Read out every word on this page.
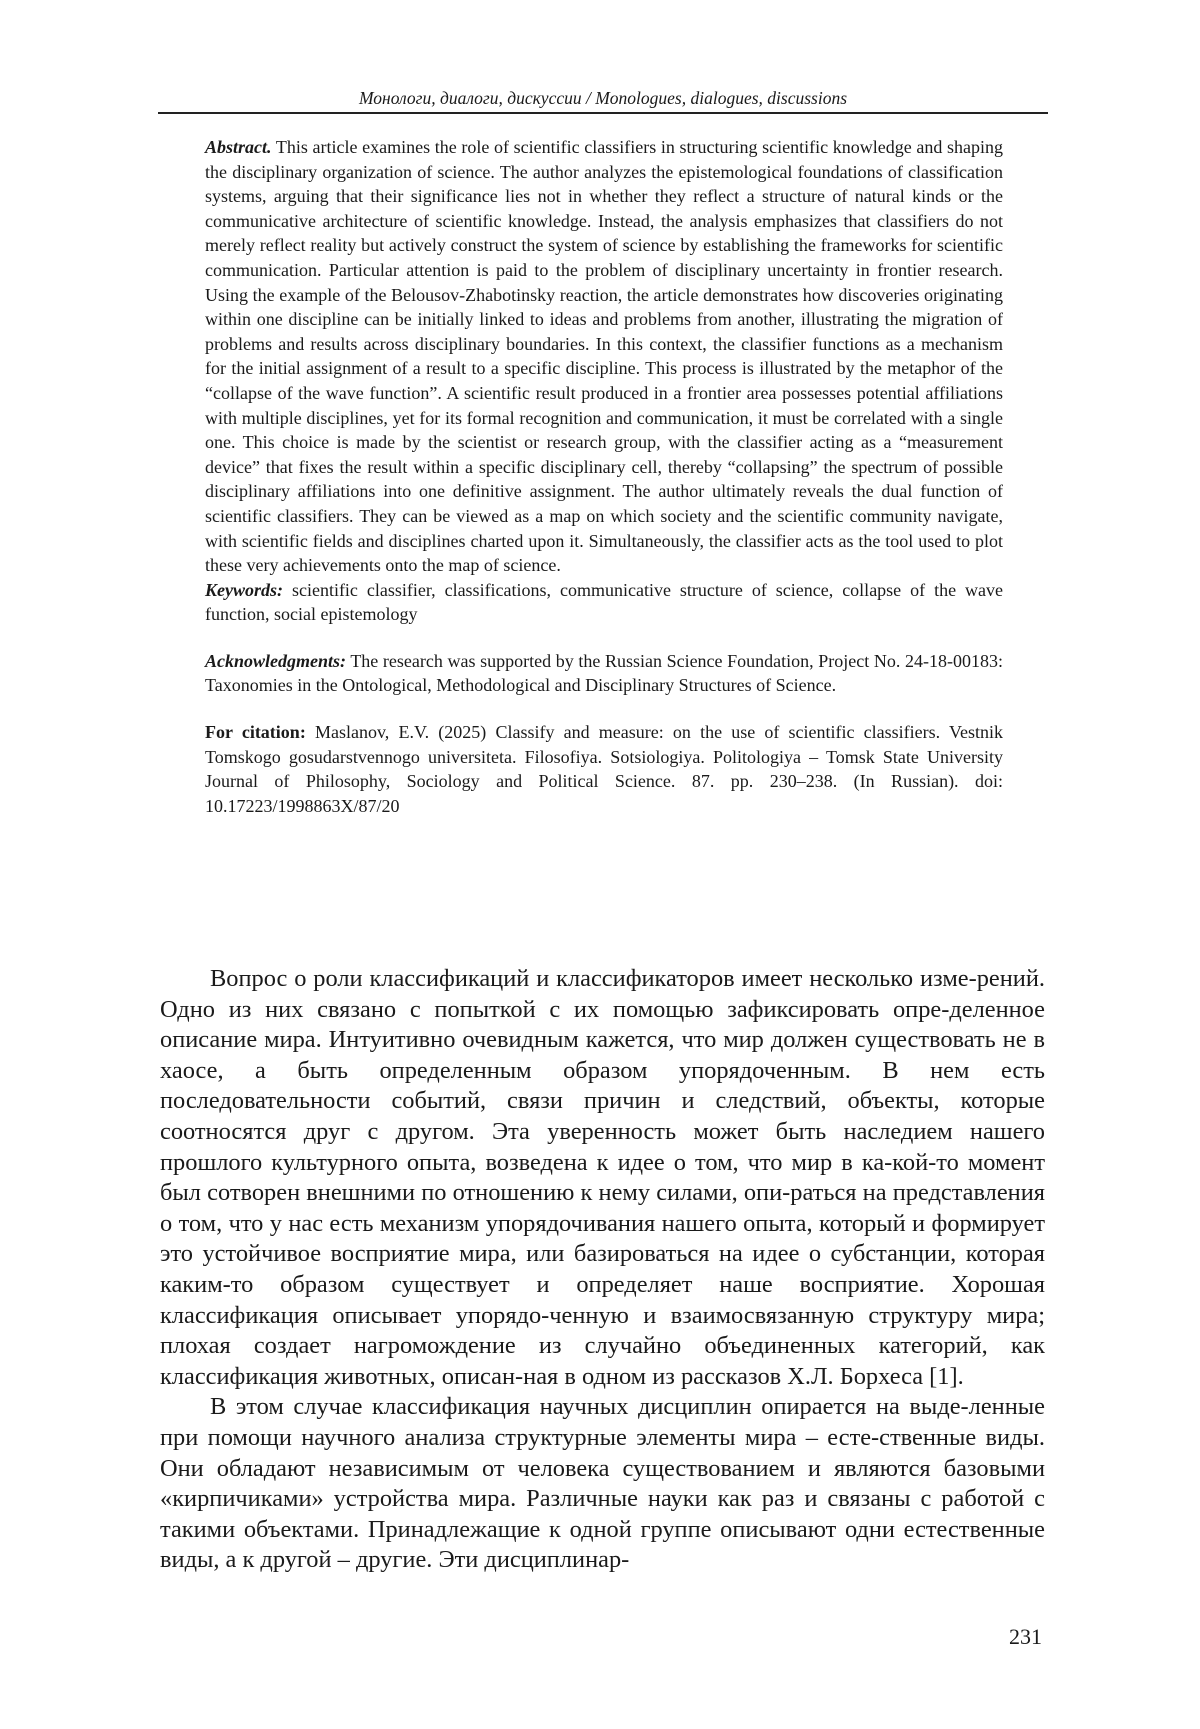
Монологи, диалоги, дискуссии / Monologues, dialogues, discussions

Abstract. This article examines the role of scientific classifiers in structuring scientific knowledge and shaping the disciplinary organization of science. The author analyzes the epistemological foundations of classification systems, arguing that their significance lies not in whether they reflect a structure of natural kinds or the communicative architecture of scientific knowledge. Instead, the analysis emphasizes that classifiers do not merely reflect reality but actively construct the system of science by establishing the frameworks for scientific communication. Particular attention is paid to the problem of disciplinary uncertainty in frontier research. Using the example of the Belousov-Zhabotinsky reaction, the article demonstrates how discoveries originating within one discipline can be initially linked to ideas and problems from another, illustrating the migration of problems and results across disciplinary boundaries. In this context, the classifier functions as a mechanism for the initial assignment of a result to a specific discipline. This process is illustrated by the metaphor of the “collapse of the wave function”. A scientific result produced in a frontier area possesses potential affiliations with multiple disciplines, yet for its formal recognition and communication, it must be correlated with a single one. This choice is made by the scientist or research group, with the classifier acting as a “measurement device” that fixes the result within a specific disciplinary cell, thereby “collapsing” the spectrum of possible disciplinary affiliations into one definitive assignment. The author ultimately reveals the dual function of scientific classifiers. They can be viewed as a map on which society and the scientific community navigate, with scientific fields and disciplines charted upon it. Simultaneously, the classifier acts as the tool used to plot these very achievements onto the map of science.

Keywords: scientific classifier, classifications, communicative structure of science, collapse of the wave function, social epistemology

Acknowledgments: The research was supported by the Russian Science Foundation, Project No. 24-18-00183: Taxonomies in the Ontological, Methodological and Disciplinary Structures of Science.

For citation: Maslanov, E.V. (2025) Classify and measure: on the use of scientific classifiers. Vestnik Tomskogo gosudarstvennogo universiteta. Filosofiya. Sotsiologiya. Politologiya – Tomsk State University Journal of Philosophy, Sociology and Political Science. 87. pp. 230–238. (In Russian). doi: 10.17223/1998863X/87/20

Вопрос о роли классификаций и классификаторов имеет несколько изме-рений. Одно из них связано с попыткой с их помощью зафиксировать опре-деленное описание мира. Интуитивно очевидным кажется, что мир должен существовать не в хаосе, а быть определенным образом упорядоченным. В нем есть последовательности событий, связи причин и следствий, объекты, которые соотносятся друг с другом. Эта уверенность может быть наследием нашего прошлого культурного опыта, возведена к идее о том, что мир в ка-кой-то момент был сотворен внешними по отношению к нему силами, опи-раться на представления о том, что у нас есть механизм упорядочивания нашего опыта, который и формирует это устойчивое восприятие мира, или базироваться на идее о субстанции, которая каким-то образом существует и определяет наше восприятие. Хорошая классификация описывает упорядо-ченную и взаимосвязанную структуру мира; плохая создает нагромождение из случайно объединенных категорий, как классификация животных, описан-ная в одном из рассказов Х.Л. Борхеса [1].

В этом случае классификация научных дисциплин опирается на выде-ленные при помощи научного анализа структурные элементы мира – есте-ственные виды. Они обладают независимым от человека существованием и являются базовыми «кирпичиками» устройства мира. Различные науки как раз и связаны с работой с такими объектами. Принадлежащие к одной группе описывают одни естественные виды, а к другой – другие. Эти дисциплинар-

231
